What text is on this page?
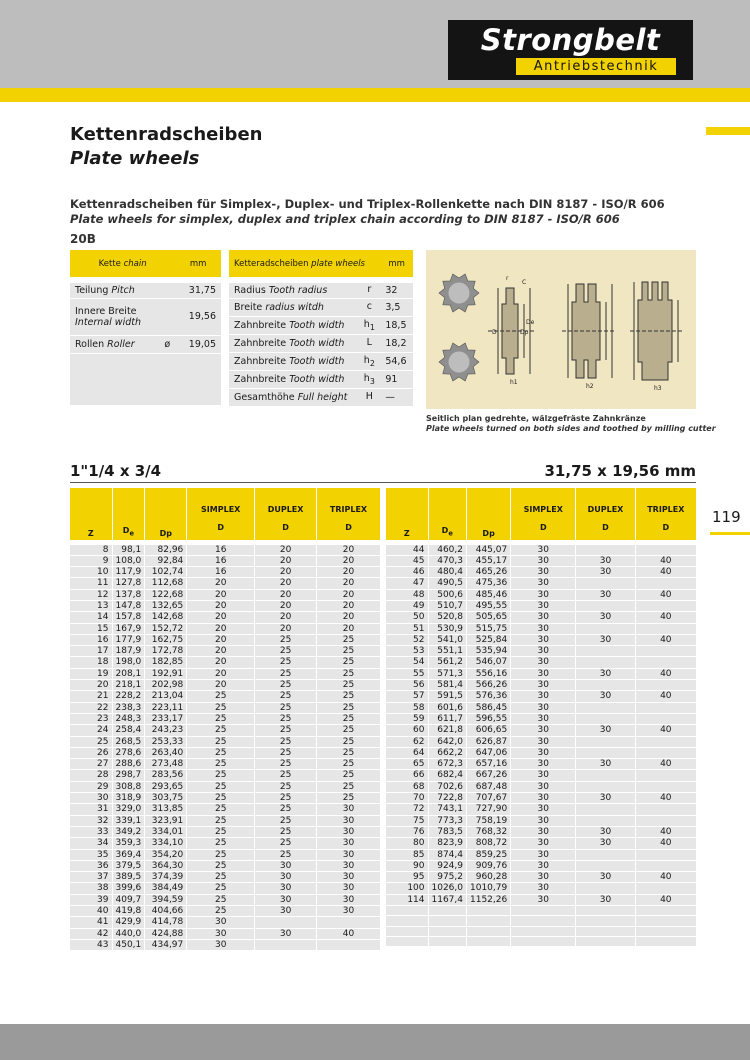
Strongbelt
Antriebstechnik
Kettenradscheiben
Plate wheels
Kettenradscheiben für Simplex-, Duplex- und Triplex-Rollenkette nach DIN 8187 - ISO/R 606
Plate wheels for simplex, duplex and triplex chain according to DIN 8187 - ISO/R 606
20B
Kette chain		mm
Teilung Pitch		31,75

Innere Breite
Internal width		19,56
Rollen Roller	ø	19,05

Ketteradscheiben plate wheels		mm
Radius Tooth radius	r	32
Breite radius witdh	c	3,5
Zahnbreite Tooth width	$h_1$	18,5
Zahnbreite Tooth width	L	18,2
Zahnbreite Tooth width	$h_2$	54,6
Zahnbreite Tooth width	$h_3$	91
Gesamthöhe Full height	H	—
D	Dp
De
h1
h2	h3
C
r
Seitlich plan gedrehte, wälzgefräste Zahnkränze
Plate wheels turned on both sides and toothed by milling cutter
1"1/4 x 3/4	31,75 x 19,56 mm
119
Z	$D_e$	Dp	SIMPLEX	DUPLEX	TRIPLEX
			D	D	D
8	98,1	82,96	16	20	20
9	108,0	92,84	16	20	20
10	117,9	102,74	16	20	20
11	127,8	112,68	20	20	20
12	137,8	122,68	20	20	20
13	147,8	132,65	20	20	20
14	157,8	142,68	20	20	20
15	167,9	152,72	20	20	20
16	177,9	162,75	20	25	25
17	187,9	172,78	20	25	25
18	198,0	182,85	20	25	25
19	208,1	192,91	20	25	25
20	218,1	202,98	20	25	25
21	228,2	213,04	25	25	25
22	238,3	223,11	25	25	25
23	248,3	233,17	25	25	25
24	258,4	243,23	25	25	25
25	268,5	253,33	25	25	25
26	278,6	263,40	25	25	25
27	288,6	273,48	25	25	25
28	298,7	283,56	25	25	25
29	308,8	293,65	25	25	25
30	318,9	303,75	25	25	25
31	329,0	313,85	25	25	30
32	339,1	323,91	25	25	30
33	349,2	334,01	25	25	30
34	359,3	334,10	25	25	30
35	369,4	354,20	25	25	30
36	379,5	364,30	25	30	30
37	389,5	374,39	25	30	30
38	399,6	384,49	25	30	30
39	409,7	394,59	25	30	30
40	419,8	404,66	25	30	30
41	429,9	414,78	30		
42	440,0	424,88	30	30	40
43	450,1	434,97	30		
Z	$D_e$	Dp	SIMPLEX	DUPLEX	TRIPLEX
			D	D	D
44	460,2	445,07	30		
45	470,3	455,17	30	30	40
46	480,4	465,26	30	30	40
47	490,5	475,36	30		
48	500,6	485,46	30	30	40
49	510,7	495,55	30		
50	520,8	505,65	30	30	40
51	530,9	515,75	30		
52	541,0	525,84	30	30	40
53	551,1	535,94	30		
54	561,2	546,07	30		
55	571,3	556,16	30	30	40
56	581,4	566,26	30		
57	591,5	576,36	30	30	40
58	601,6	586,45	30		
59	611,7	596,55	30		
60	621,8	606,65	30	30	40
62	642,0	626,87	30		
64	662,2	647,06	30		
65	672,3	657,16	30	30	40
66	682,4	667,26	30		
68	702,6	687,48	30		
70	722,8	707,67	30	30	40
72	743,1	727,90	30		
75	773,3	758,19	30		
76	783,5	768,32	30	30	40
80	823,9	808,72	30	30	40
85	874,4	859,25	30		
90	924,9	909,76	30		
95	975,2	960,28	30	30	40
100	1026,0	1010,79	30		
114	1167,4	1152,26	30	30	40
